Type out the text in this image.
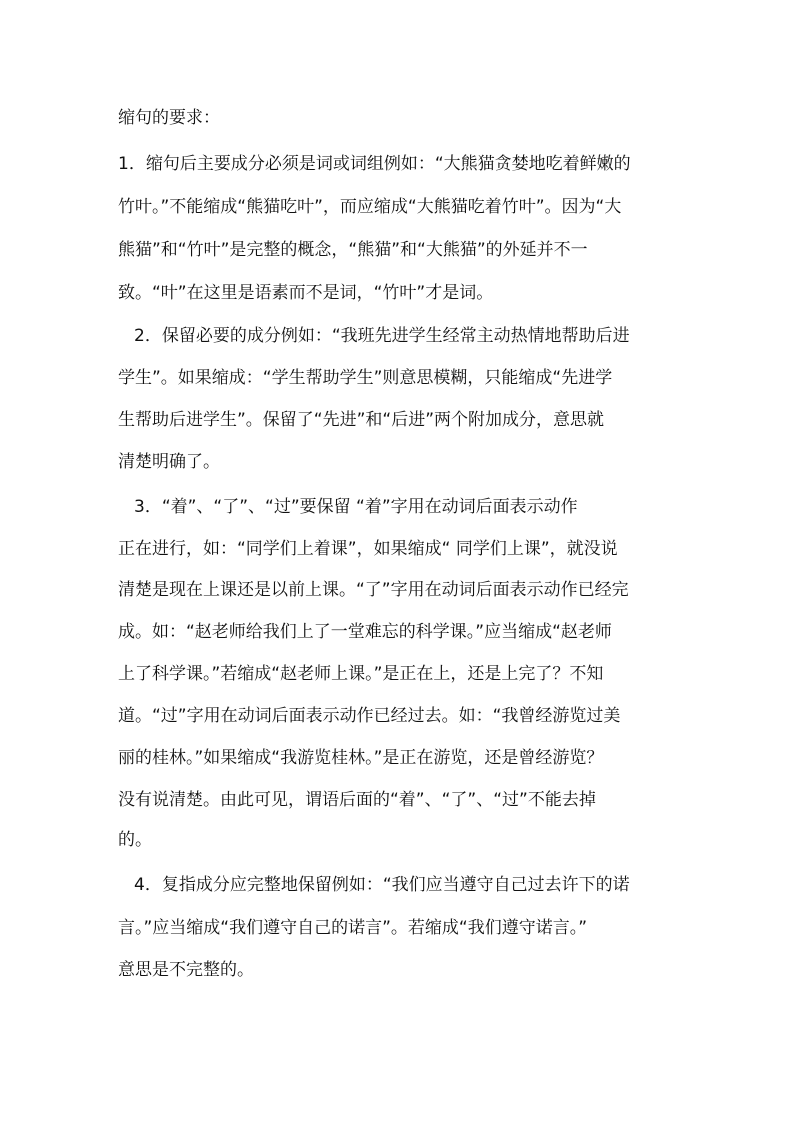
缩句的要求：
1．缩句后主要成分必须是词或词组例如：“大熊猫贪婪地吃着鲜嫩的
竹叶。”不能缩成“熊猫吃叶”，而应缩成“大熊猫吃着竹叶”。因为“大
熊猫”和“竹叶”是完整的概念，“熊猫”和“大熊猫”的外延并不一
致。“叶”在这里是语素而不是词，“竹叶”才是词。
2．保留必要的成分例如：“我班先进学生经常主动热情地帮助后进
学生”。如果缩成：“学生帮助学生”则意思模糊，只能缩成“先进学
生帮助后进学生”。保留了“先进”和“后进”两个附加成分，意思就
清楚明确了。
3．“着”、“了”、“过”要保留 “着”字用在动词后面表示动作
正在进行，如：“同学们上着课”，如果缩成“ 同学们上课”，就没说
清楚是现在上课还是以前上课。“了”字用在动词后面表示动作已经完
成。如：“赵老师给我们上了一堂难忘的科学课。”应当缩成“赵老师
上了科学课。”若缩成“赵老师上课。”是正在上，还是上完了？不知
道。“过”字用在动词后面表示动作已经过去。如：“我曾经游览过美
丽的桂林。”如果缩成“我游览桂林。”是正在游览，还是曾经游览？
没有说清楚。由此可见，谓语后面的“着”、“了”、“过”不能去掉
的。
4．复指成分应完整地保留例如：“我们应当遵守自己过去许下的诺
言。”应当缩成“我们遵守自己的诺言”。若缩成“我们遵守诺言。”
意思是不完整的。
